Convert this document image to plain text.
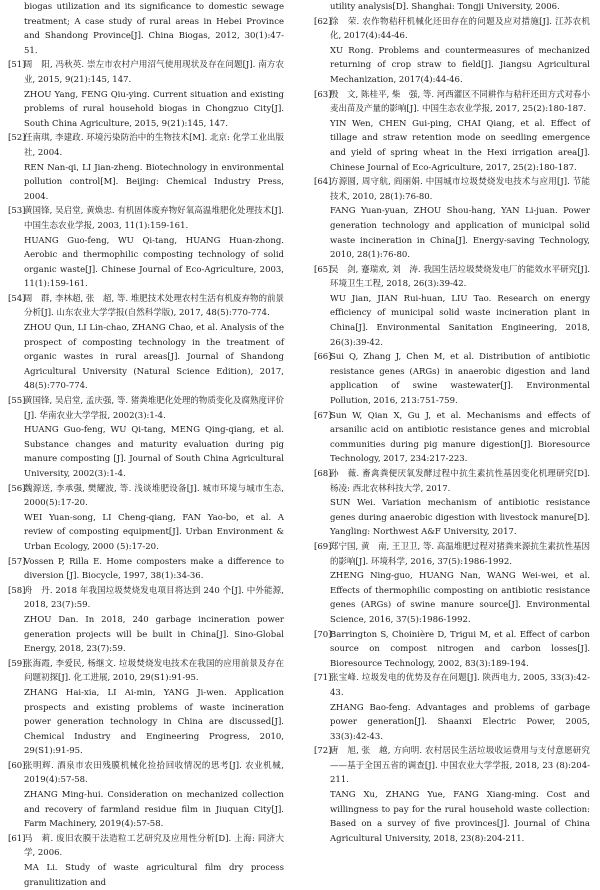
biogas utilization and its significance to domestic sewage treatment; A case study of rural areas in Hebei Province and Shandong Province[J]. China Biogas, 2012, 30(1):47-51.

[51]

周　阳, 冯秋英. 崇左市农村户用沼气使用现状及存在问题[J]. 南方农业, 2015, 9(21):145, 147.

ZHOU Yang, FENG Qiu-ying. Current situation and existing problems of rural household biogas in Chongzuo City[J]. South China Agriculture, 2015, 9(21):145, 147.

[52]

任南琪, 李建政. 环境污染防治中的生物技术[M]. 北京: 化学工业出版社, 2004.

REN Nan-qi, LI Jian-zheng. Biotechnology in environmental pollution control[M]. Beijing: Chemical Industry Press, 2004.

[53]

黄国锋, 吴启堂, 黄焕忠. 有机固体废弃物好氧高温堆肥化处理技术[J]. 中国生态农业学报, 2003, 11(1):159-161.

HUANG Guo-feng, WU Qi-tang, HUANG Huan-zhong. Aerobic and thermophilic composting technology of solid organic waste[J]. Chinese Journal of Eco-Agriculture, 2003, 11(1):159-161.

[54]

周　群, 李林超, 张　超, 等. 堆肥技术处理农村生活有机废弃物的前景分析[J]. 山东农业大学学报(自然科学版), 2017, 48(5):770-774.

ZHOU Qun, LI Lin-chao, ZHANG Chao, et al. Analysis of the prospect of composting technology in the treatment of organic wastes in rural areas[J]. Journal of Shandong Agricultural University (Natural Science Edition), 2017, 48(5):770-774.

[55]

黄国锋, 吴启堂, 孟庆强, 等. 猪粪堆肥化处理的物质变化及腐熟度评价[J]. 华南农业大学学报, 2002(3):1-4.

HUANG Guo-feng, WU Qi-tang, MENG Qing-qiang, et al. Substance changes and maturity evaluation during pig manure composting [J]. Journal of South China Agricultural University, 2002(3):1-4.

[56]

魏源送, 李承强, 樊耀波, 等. 浅谈堆肥设备[J]. 城市环境与城市生态, 2000(5):17-20.

WEI Yuan-song, LI Cheng-qiang, FAN Yao-bo, et al. A review of composting equipment[J]. Urban Environment & Urban Ecology, 2000 (5):17-20.

[57]

Vossen P, Rilla E. Home composters make a difference to diversion [J]. Biocycle, 1997, 38(1):34-36.

[58]

舟　丹. 2018 年我国垃圾焚烧发电项目将达到 240 个[J]. 中外能源, 2018, 23(7):59.

ZHOU Dan. In 2018, 240 garbage incineration power generation projects will be built in China[J]. Sino-Global Energy, 2018, 23(7):59.

[59]

张海霞, 李爱民, 杨继文. 垃圾焚烧发电技术在我国的应用前景及存在问题初探[J]. 化工进展, 2010, 29(S1):91-95.

ZHANG Hai-xia, LI Ai-min, YANG Ji-wen. Application prospects and existing problems of waste incineration power generation technology in China are discussed[J]. Chemical Industry and Engineering Progress, 2010, 29(S1):91-95.

[60]

张明辉. 酒泉市农田残膜机械化捡拾回收情况的思考[J]. 农业机械, 2019(4):57-58.

ZHANG Ming-hui. Consideration on mechanized collection and recovery of farmland residue film in Jiuquan City[J]. Farm Machinery, 2019(4):57-58.

[61]

马　莉. 废旧农膜干法造粒工艺研究及应用性分析[D]. 上海: 同济大学, 2006.

MA Li. Study of waste agricultural film dry process granulitization and

utility analysis[D]. Shanghai: Tongji University, 2006.

[62]

徐　荣. 农作物秸秆机械化还田存在的问题及应对措施[J]. 江苏农机化, 2017(4):44-46.

XU Rong. Problems and countermeasures of mechanized returning of crop straw to field[J]. Jiangsu Agricultural Mechanization, 2017(4):44-46.

[63]

殷　文, 陈桂平, 柴　强, 等. 河西灌区不同耕作与秸秆还田方式对春小麦出苗及产量的影响[J]. 中国生态农业学报, 2017, 25(2):180-187.

YIN Wen, CHEN Gui-ping, CHAI Qiang, et al. Effect of tillage and straw retention mode on seedling emergence and yield of spring wheat in the Hexi irrigation area[J]. Chinese Journal of Eco-Agriculture, 2017, 25(2):180-187.

[64]

方源圆, 周守航, 阎丽娟. 中国城市垃圾焚烧发电技术与应用[J]. 节能技术, 2010, 28(1):76-80.

FANG Yuan-yuan, ZHOU Shou-hang, YAN Li-juan. Power generation technology and application of municipal solid waste incineration in China[J]. Energy-saving Technology, 2010, 28(1):76-80.

[65]

吴　剑, 蹇瑞欢, 刘　涛. 我国生活垃圾焚烧发电厂的能效水平研究[J]. 环境卫生工程, 2018, 26(3):39-42.

WU Jian, JIAN Rui-huan, LIU Tao. Research on energy efficiency of municipal solid waste incineration plant in China[J]. Environmental Sanitation Engineering, 2018, 26(3):39-42.

[66]

Sui Q, Zhang J, Chen M, et al. Distribution of antibiotic resistance genes (ARGs) in anaerobic digestion and land application of swine wastewater[J]. Environmental Pollution, 2016, 213:751-759.

[67]

Sun W, Qian X, Gu J, et al. Mechanisms and effects of arsanilic acid on antibiotic resistance genes and microbial communities during pig manure digestion[J]. Bioresource Technology, 2017, 234:217-223.

[68]

孙　薇. 畜禽粪便厌氧发酵过程中抗生素抗性基因变化机理研究[D]. 杨凌: 西北农林科技大学, 2017.

SUN Wei. Variation mechanism of antibiotic resistance genes during anaerobic digestion with livestock manure[D]. Yangling: Northwest A&F University, 2017.

[69]

郑宁国, 黄　南, 王卫卫, 等. 高温堆肥过程对猪粪来源抗生素抗性基因的影响[J]. 环境科学, 2016, 37(5):1986-1992.

ZHENG Ning-guo, HUANG Nan, WANG Wei-wei, et al. Effects of thermophilic composting on antibiotic resistance genes (ARGs) of swine manure source[J]. Environmental Science, 2016, 37(5):1986-1992.

[70]

Barrington S, Choinière D, Trigui M, et al. Effect of carbon source on compost nitrogen and carbon losses[J]. Bioresource Technology, 2002, 83(3):189-194.

[71]

张宝峰. 垃圾发电的优势及存在问题[J]. 陕西电力, 2005, 33(3):42-43.

ZHANG Bao-feng. Advantages and problems of garbage power generation[J]. Shaanxi Electric Power, 2005, 33(3):42-43.

[72]

唐　旭, 张　越, 方向明. 农村居民生活垃圾收运费用与支付意愿研究——基于全国五省的调查[J]. 中国农业大学学报, 2018, 23 (8):204-211.

TANG Xu, ZHANG Yue, FANG Xiang-ming. Cost and willingness to pay for the rural household waste collection: Based on a survey of five provinces[J]. Journal of China Agricultural University, 2018, 23(8):204-211.
